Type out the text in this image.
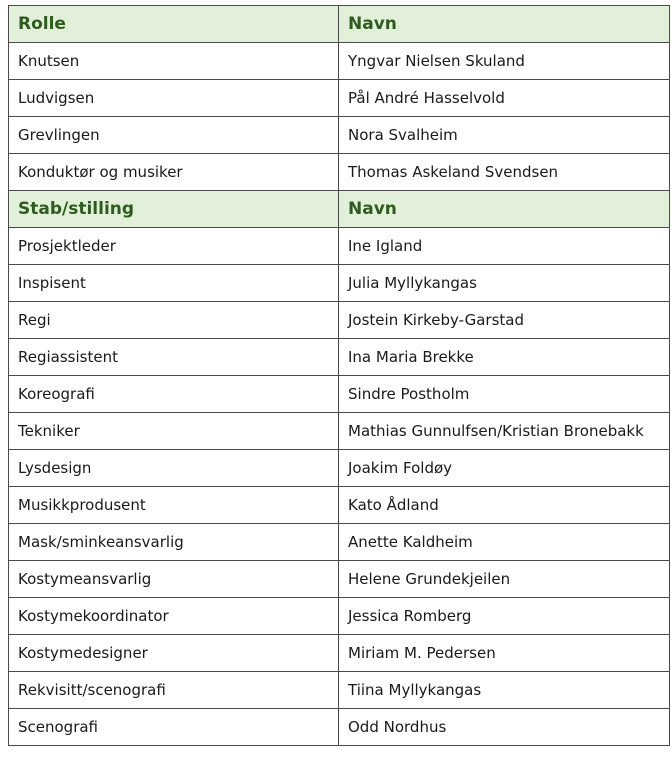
Rolle	Navn
Knutsen	Yngvar Nielsen Skuland
Ludvigsen	Pål André Hasselvold
Grevlingen	Nora Svalheim
Konduktør og musiker	Thomas Askeland Svendsen
Stab/stilling	Navn
Prosjektleder	Ine Igland
Inspisent	Julia Myllykangas
Regi	Jostein Kirkeby-Garstad
Regiassistent	Ina Maria Brekke
Koreografi	Sindre Postholm
Tekniker	Mathias Gunnulfsen/Kristian Bronebakk
Lysdesign	Joakim Foldøy
Musikkprodusent	Kato Ådland
Mask/sminkeansvarlig	Anette Kaldheim
Kostymeansvarlig	Helene Grundekjeilen
Kostymekoordinator	Jessica Romberg
Kostymedesigner	Miriam M. Pedersen
Rekvisitt/scenografi	Tiina Myllykangas
Scenografi	Odd Nordhus
